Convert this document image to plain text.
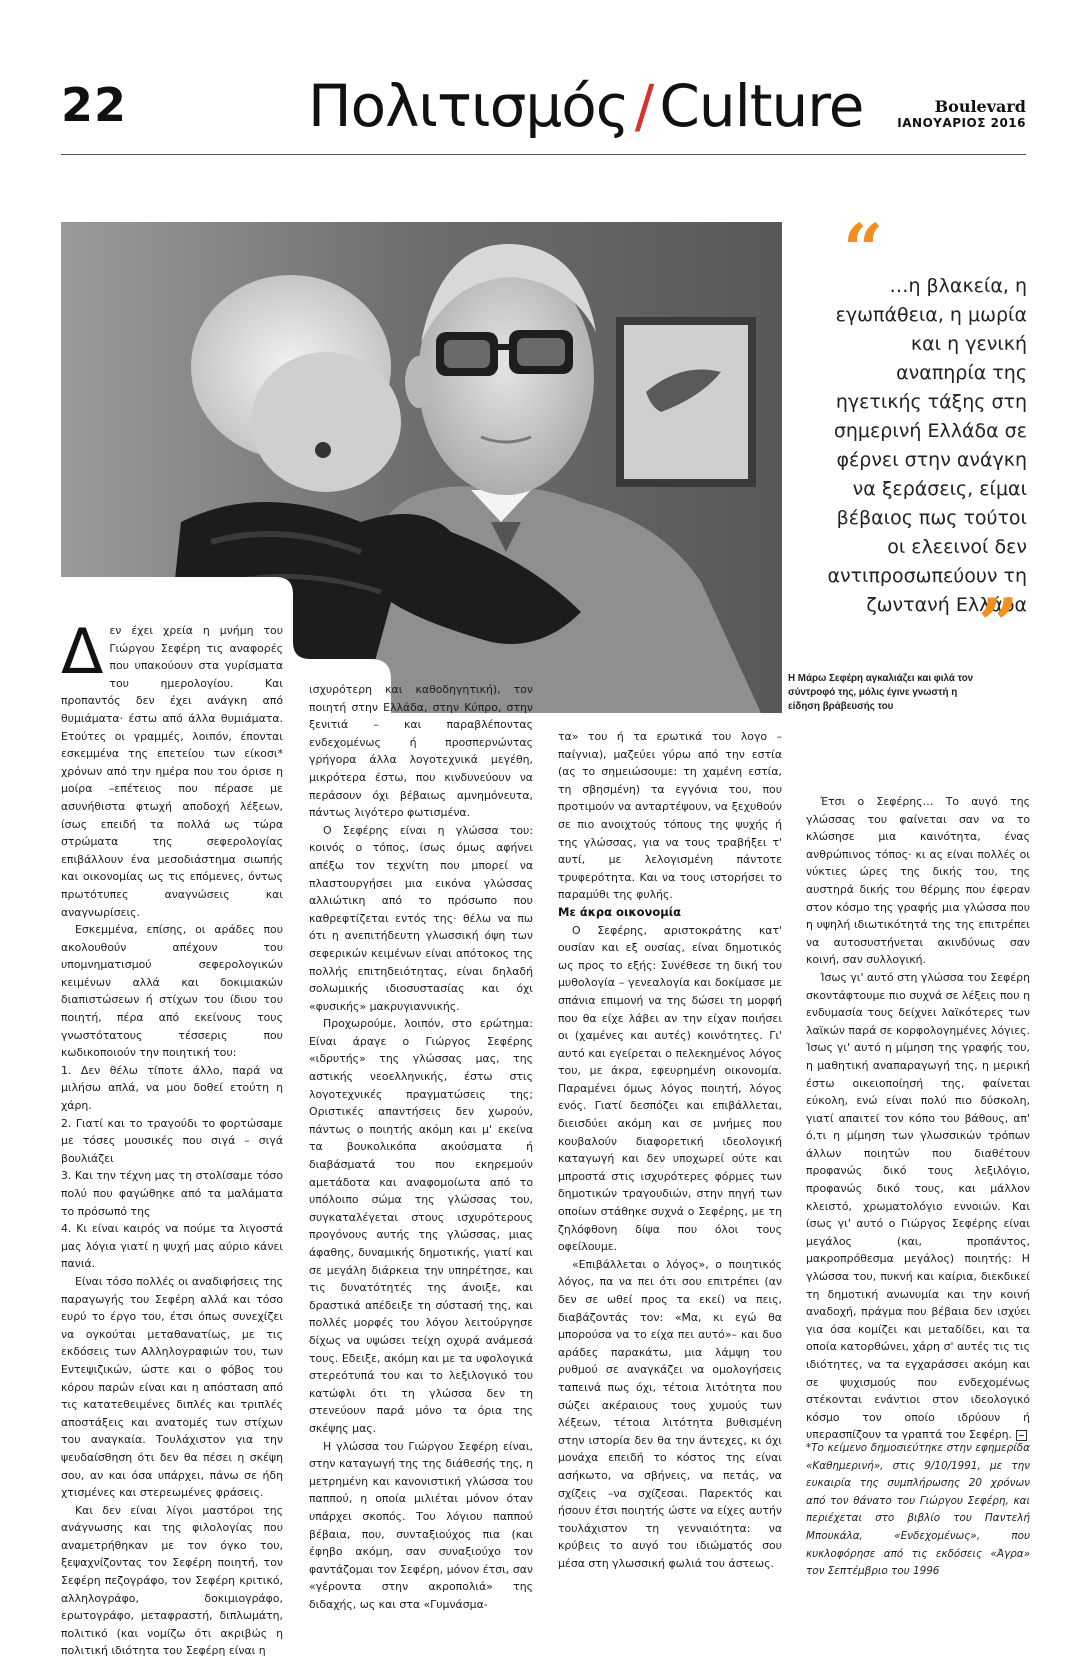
22	Πολιτισμός / Culture	Boulevard
ΙΑΝΟΥΑΡΙΟΣ 2016
Η Μάρω Σεφέρη αγκαλιάζει και φιλά τον σύντροφό της, μόλις έγινε γνωστή η είδηση βράβευσής του
“ …η βλακεία, η εγωπάθεια, η μωρία και η γενική αναπηρία της ηγετικής τάξης στη σημερινή Ελλάδα σε φέρνει στην ανάγκη να ξεράσεις, είμαι βέβαιος πως τούτοι οι ελεεινοί δεν αντιπροσωπεύουν τη ζωντανή Ελλάδα
”

Δεν έχει χρεία η μνήμη του Γιώργου Σεφέρη τις αναφορές που υπακούουν στα γυρίσματα του ημερολογίου. Και προπαντός δεν έχει ανάγκη από θυμιάματα· έστω από άλλα θυμιάματα. Ετούτες οι γραμμές, λοιπόν, έπονται εσκεμμένα της επετείου των είκοσι* χρόνων από την ημέρα που του όρισε η μοίρα –επέτειος που πέρασε με ασυνήθιστα φτωχή αποδοχή λέξεων, ίσως επειδή τα πολλά ως τώρα στρώματα της σεφερολογίας επιβάλλουν ένα μεσοδιάστημα σιωπής και οικονομίας ως τις επόμενες, όντως πρωτότυπες αναγνώσεις και αναγνωρίσεις.

Εσκεμμένα, επίσης, οι αράδες που ακολουθούν απέχουν του υπομνηματισμού σεφερολογικών κειμένων αλλά και δοκιμιακών διαπιστώσεων ή στίχων του ίδιου του ποιητή, πέρα από εκείνους τους γνωστότατους τέσσερις που κωδικοποιούν την ποιητική του:

1. Δεν θέλω τίποτε άλλο, παρά να μιλήσω απλά, να μου δοθεί ετούτη η χάρη.

2. Γιατί και το τραγούδι το φορτώσαμε με τόσες μουσικές που σιγά – σιγά βουλιάζει

3. Και την τέχνη μας τη στολίσαμε τόσο πολύ που φαγώθηκε από τα μαλάματα το πρόσωπό της

4. Κι είναι καιρός να πούμε τα λιγοστά μας λόγια γιατί η ψυχή μας αύριο κάνει πανιά.

Είναι τόσο πολλές οι αναδιφήσεις της παραγωγής του Σεφέρη αλλά και τόσο ευρύ το έργο του, έτσι όπως συνεχίζει να ογκούται μεταθανατίως, με τις εκδόσεις των Αλληλογραφιών του, των Εντεψιζικών, ώστε και ο φόβος του κόρου παρών είναι και η απόσταση από τις κατατεθειμένες διπλές και τριπλές αποστάξεις και ανατομές των στίχων του αναγκαία. Τουλάχιστον για την ψευδαίσθηση ότι δεν θα πέσει η σκέψη σου, αν και όσα υπάρχει, πάνω σε ήδη χτισμένες και στερεωμένες φράσεις.

Και δεν είναι λίγοι μαστόροι της ανάγνωσης και της φιλολογίας που αναμετρήθηκαν με τον όγκο του, ξεψαχνίζοντας τον Σεφέρη ποιητή, τον Σεφέρη πεζογράφο, τον Σεφέρη κριτικό, αλληλογράφο, δοκιμιογράφο, ερωτογράφο, μεταφραστή, διπλωμάτη, πολιτικό (και νομίζω ότι ακριβώς η πολιτική ιδιότητα του Σεφέρη είναι η

ισχυρότερη και καθοδηγητική), τον ποιητή στην Ελλάδα, στην Κύπρο, στην ξενιτιά – και παραβλέποντας ενδεχομένως ή προσπερνώντας γρήγορα άλλα λογοτεχνικά μεγέθη, μικρότερα έστω, που κινδυνεύουν να περάσουν όχι βέβαιως αμνημόνευτα, πάντως λιγότερο φωτισμένα.

Ο Σεφέρης είναι η γλώσσα του: κοινός ο τόπος, ίσως όμως αφήνει απέξω τον τεχνίτη που μπορεί να πλαστουργήσει μια εικόνα γλώσσας αλλιώτικη από το πρόσωπο που καθρεφτίζεται εντός της· θέλω να πω ότι η ανεπιτήδευτη γλωσσική όψη των σεφερικών κειμένων είναι απότοκος της πολλής επιτηδειότητας, είναι δηλαδή σολωμικής ιδιοσυστασίας και όχι «φυσικής» μακρυγιαννικής.

Προχωρούμε, λοιπόν, στο ερώτημα: Είναι άραγε ο Γιώργος Σεφέρης «ιδρυτής» της γλώσσας μας, της αστικής νεοελληνικής, έστω στις λογοτεχνικές πραγματώσεις της; Οριστικές απαντήσεις δεν χωρούν, πάντως ο ποιητής ακόμη και μ' εκείνα τα βουκολικόπα ακούσματα ή διαβάσματά του που εκηρεμούν αμετάδοτα και αναφομοίωτα από το υπόλοιπο σώμα της γλώσσας του, συγκαταλέγεται στους ισχυρότερους προγόνους αυτής της γλώσσας, μιας άφαθης, δυναμικής δημοτικής, γιατί και σε μεγάλη διάρκεια την υπηρέτησε, και τις δυνατότητές της άνοιξε, και δραστικά απέδειξε τη σύστασή της, και πολλές μορφές του λόγου λειτούργησε δίχως να υψώσει τείχη οχυρά ανάμεσά τους. Εδειξε, ακόμη και με τα υφολογικά στερεότυπά του και το λεξιλογικό του κατώφλι ότι τη γλώσσα δεν τη στενεύουν παρά μόνο τα όρια της σκέψης μας.

Η γλώσσα του Γιώργου Σεφέρη είναι, στην καταγωγή της της διάθεσής της, η μετρημένη και κανονιστική γλώσσα του παππού, η οποία μιλιέται μόνον όταν υπάρχει σκοπός. Του λόγιου παππού βέβαια, που, συνταξιούχος πια (και έφηβο ακόμη, σαν συναξιούχο τον φαντάζομαι τον Σεφέρη, μόνον έτσι, σαν «γέροντα στην ακροπολιά» της διδαχής, ως και στα «Γυμνάσμα-

τα» του ή τα ερωτικά του λογο – παίγνια), μαζεύει γύρω από την εστία (ας το σημειώσουμε: τη χαμένη εστία, τη σβησμένη) τα εγγόνια του, που προτιμούν να ανταρτέψουν, να ξεχυθούν σε πιο ανοιχτούς τόπους της ψυχής ή της γλώσσας, για να τους τραβήξει τ' αυτί, με λελογισμένη πάντοτε τρυφερότητα. Και να τους ιστορήσει το παραμύθι της φυλής.

Με άκρα οικονομία

Ο Σεφέρης, αριστοκράτης κατ' ουσίαν και εξ ουσίας, είναι δημοτικός ως προς το εξής: Συνέθεσε τη δική του μυθολογία – γενεαλογία και δοκίμασε με σπάνια επιμονή να της δώσει τη μορφή που θα είχε λάβει αν την είχαν ποιήσει οι (χαμένες και αυτές) κοινότητες. Γι' αυτό και εγείρεται ο πελεκημένος λόγος του, με άκρα, εφευρημένη οικονομία. Παραμένει όμως λόγος ποιητή, λόγος ενός. Γιατί δεσπόζει και επιβάλλεται, διεισδύει ακόμη και σε μνήμες που κουβαλούν διαφορετική ιδεολογική καταγωγή και δεν υποχωρεί ούτε και μπροστά στις ισχυρότερες φόρμες των δημοτικών τραγουδιών, στην πηγή των οποίων στάθηκε συχνά ο Σεφέρης, με τη ζηλόφθονη δίψα που όλοι τους οφείλουμε.

«Επιβάλλεται ο λόγος», ο ποιητικός λόγος, πα να πει ότι σου επιτρέπει (αν δεν σε ωθεί προς τα εκεί) να πεις, διαβάζοντάς τον: «Μα, κι εγώ θα μπορούσα να το είχα πει αυτό»– και δυο αράδες παρακάτω, μια λάμψη του ρυθμού σε αναγκάζει να ομολογήσεις ταπεινά πως όχι, τέτοια λιτότητα που σώζει ακέραιους τους χυμούς των λέξεων, τέτοια λιτότητα βυθισμένη στην ιστορία δεν θα την άντεχες, κι όχι μονάχα επειδή το κόστος της είναι ασήκωτο, να σβήνεις, να πετάς, να σχίζεις –να σχίζεσαι. Παρεκτός και ήσουν έτσι ποιητής ώστε να είχες αυτήν τουλάχιστον τη γενναιότητα: να κρύβεις το αυγό του ιδιώματός σου μέσα στη γλωσσική φωλιά του άστεως.

Έτσι ο Σεφέρης… Το αυγό της γλώσσας του φαίνεται σαν να το κλώσησε μια καινότητα, ένας ανθρώπινος τόπος· κι ας είναι πολλές οι νύκτιες ώρες της δικής του, της αυστηρά δικής του θέρμης που έφεραν στον κόσμο της γραφής μια γλώσσα που η υψηλή ιδιωτικότητά της της επιτρέπει να αυτοσυστήνεται ακινδύνως σαν κοινή, σαν συλλογική.

Ίσως γι' αυτό στη γλώσσα του Σεφέρη σκοντάφτουμε πιο συχνά σε λέξεις που η ενδυμασία τους δείχνει λαϊκότερες των λαϊκών παρά σε κορφολογημένες λόγιες. Ίσως γι' αυτό η μίμηση της γραφής του, η μαθητική αναπαραγωγή της, η μερική έστω οικειοποίησή της, φαίνεται εύκολη, ενώ είναι πολύ πιο δύσκολη, γιατί απαιτεί τον κόπο του βάθους, απ' ό,τι η μίμηση των γλωσσικών τρόπων άλλων ποιητών που διαθέτουν προφανώς δικό τους λεξιλόγιο, προφανώς δικό τους, και μάλλον κλειστό, χρωματολόγιο εννοιών. Και ίσως γι' αυτό ο Γιώργος Σεφέρης είναι μεγάλος (και, προπάντος, μακροπρόθεσμα μεγάλος) ποιητής: Η γλώσσα του, πυκνή και καίρια, διεκδικεί τη δημοτική ανωνυμία και την κοινή αναδοχή, πράγμα που βέβαια δεν ισχύει για όσα κομίζει και μεταδίδει, και τα οποία κατορθώνει, χάρη σ' αυτές τις τις ιδιότητες, να τα εγχαράσσει ακόμη και σε ψυχισμούς που ενδεχομένως στέκονται ενάντιοι στον ιδεολογικό κόσμο τον οποίο ιδρύουν ή υπερασπίζουν τα γραπτά του Σεφέρη.

*Το κείμενο δημοσιεύτηκε στην εφημερίδα «Καθημερινή», στις 9/10/1991, με την ευκαιρία της συμπλήρωσης 20 χρόνων από τον θάνατο του Γιώργου Σεφέρη, και περιέχεται στο βιβλίο του Παντελή Μπουκάλα, «Ενδεχομένως», που κυκλοφόρησε από τις εκδόσεις «Άγρα» τον Σεπτέμβριο του 1996
